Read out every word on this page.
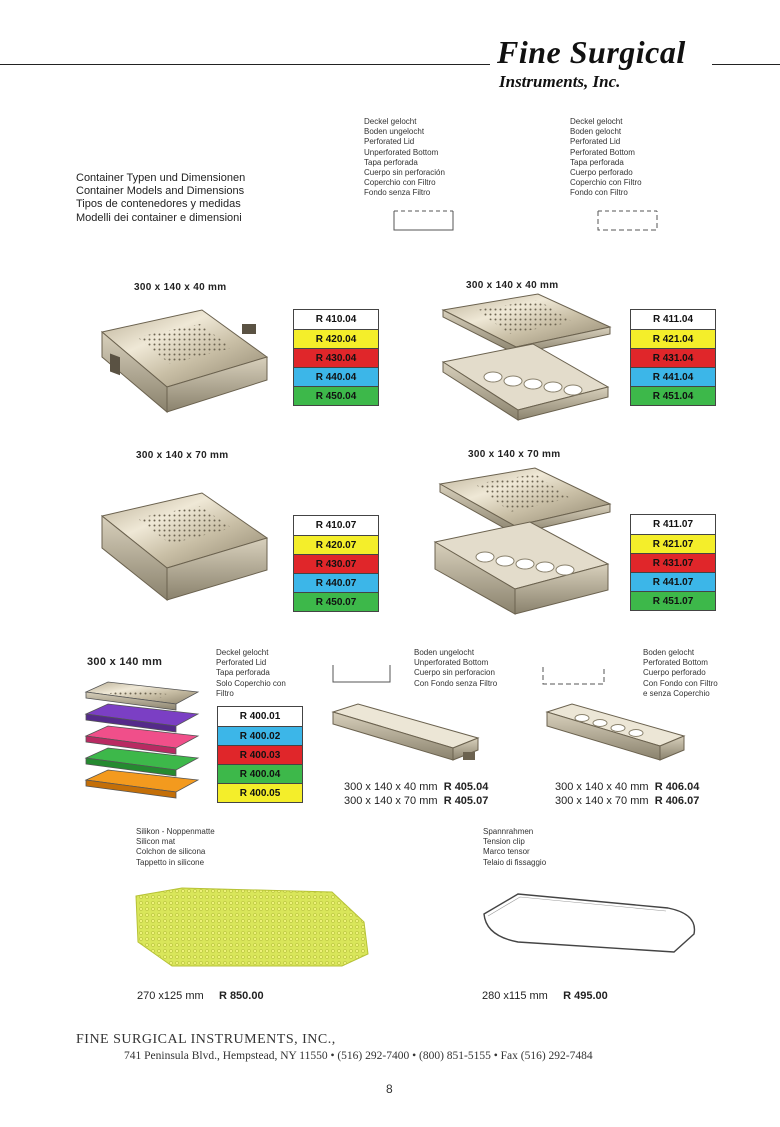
Fine Surgical
Instruments, Inc.
Container Typen und Dimensionen
Container Models and Dimensions
Tipos de contenedores y medidas
Modelli dei container e dimensioni
Deckel gelocht
Boden ungelocht
Perforated Lid
Unperforated Bottom
Tapa perforada
Cuerpo sin perforación
Coperchio con Filtro
Fondo senza Filtro
Deckel gelocht
Boden gelocht
Perforated Lid
Perforated Bottom
Tapa perforada
Cuerpo perforado
Coperchio con Filtro
Fondo con Filtro
300 x 140 x 40 mm
R 410.04
R 420.04
R 430.04
R 440.04
R 450.04
300 x 140 x 40 mm
R 411.04
R 421.04
R 431.04
R 441.04
R 451.04
300 x 140 x 70 mm
R 410.07
R 420.07
R 430.07
R 440.07
R 450.07
300 x 140 x 70 mm
R 411.07
R 421.07
R 431.07
R 441.07
R 451.07
300 x 140 mm
Deckel gelocht
Perforated Lid
Tapa perforada
Solo Coperchio con
Filtro
R 400.01
R 400.02
R 400.03
R 400.04
R 400.05
Boden ungelocht
Unperforated Bottom
Cuerpo sin perforacion
Con Fondo senza Filtro
300 x 140 x 40 mm R 405.04
300 x 140 x 70 mm R 405.07
Boden gelocht
Perforated Bottom
Cuerpo perforado
Con Fondo con Filtro
e senza Coperchio
300 x 140 x 40 mm R 406.04
300 x 140 x 70 mm R 406.07
Silikon - Noppenmatte
Silicon mat
Colchon de silicona
Tappetto in silicone
270 x125 mm R 850.00
Spannrahmen
Tension clip
Marco tensor
Telaio di fissaggio
280 x115 mm R 495.00
FINE SURGICAL INSTRUMENTS, INC.,
741 Peninsula Blvd., Hempstead, NY 11550 • (516) 292-7400 • (800) 851-5155 • Fax (516) 292-7484
8
